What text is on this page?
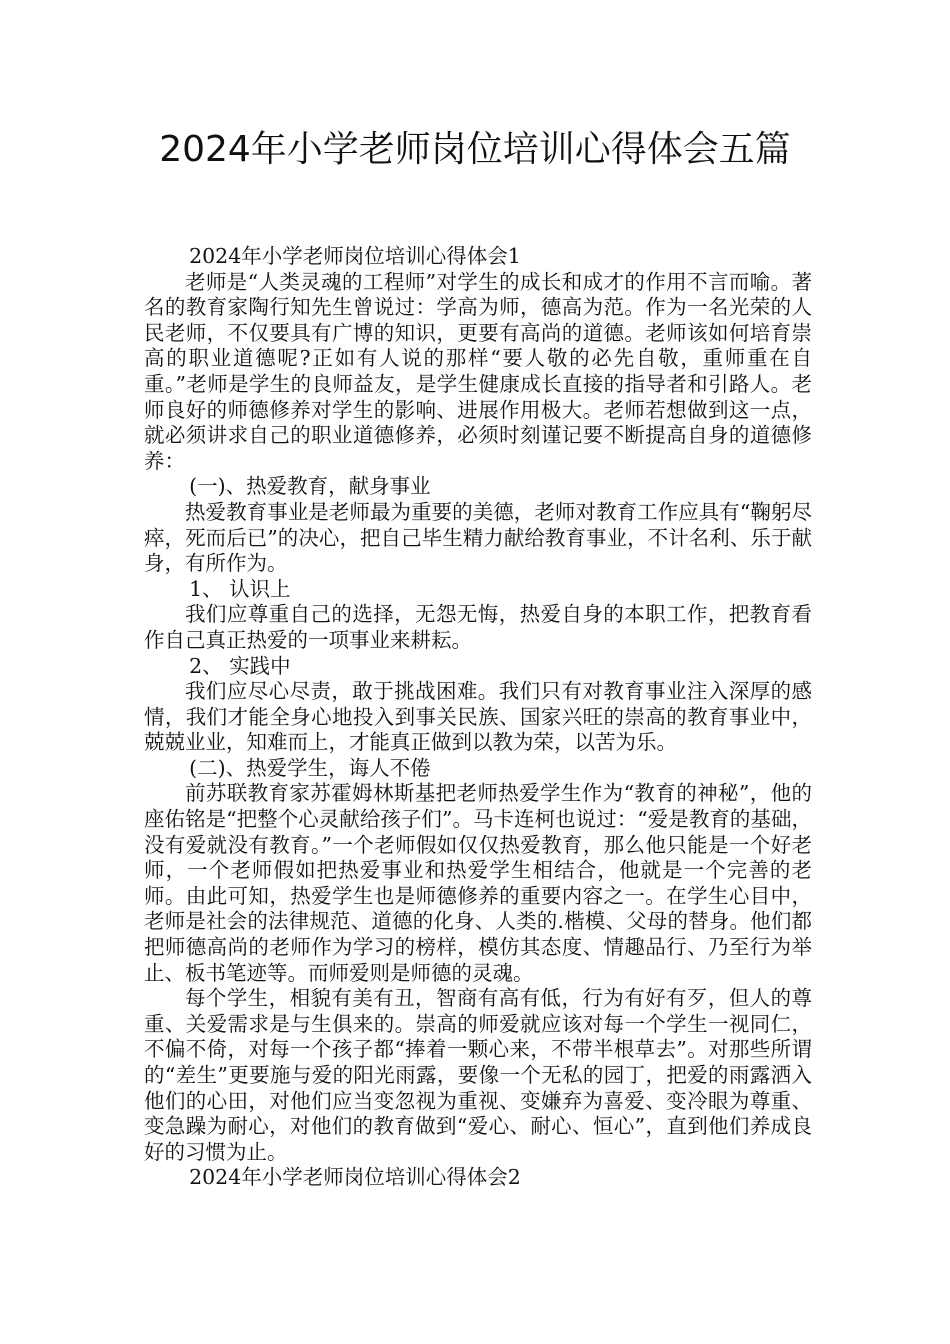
2024年小学老师岗位培训心得体会五篇

2024年小学老师岗位培训心得体会1

老师是“人类灵魂的工程师”对学生的成长和成才的作用不言而喻。著名的教育家陶行知先生曾说过：学高为师，德高为范。作为一名光荣的人民老师，不仅要具有广博的知识，更要有高尚的道德。老师该如何培育崇高的职业道德呢?正如有人说的那样“要人敬的必先自敬，重师重在自重。”老师是学生的良师益友，是学生健康成长直接的指导者和引路人。老师良好的师德修养对学生的影响、进展作用极大。老师若想做到这一点，就必须讲求自己的职业道德修养，必须时刻谨记要不断提高自身的道德修养：

(一)、热爱教育，献身事业

热爱教育事业是老师最为重要的美德，老师对教育工作应具有“鞠躬尽瘁，死而后已”的决心，把自己毕生精力献给教育事业，不计名利、乐于献身，有所作为。

1、 认识上

我们应尊重自己的选择，无怨无悔，热爱自身的本职工作，把教育看作自己真正热爱的一项事业来耕耘。

2、 实践中

我们应尽心尽责，敢于挑战困难。我们只有对教育事业注入深厚的感情，我们才能全身心地投入到事关民族、国家兴旺的崇高的教育事业中，兢兢业业，知难而上，才能真正做到以教为荣，以苦为乐。

(二)、热爱学生，诲人不倦

前苏联教育家苏霍姆林斯基把老师热爱学生作为“教育的神秘”，他的座佑铭是“把整个心灵献给孩子们”。马卡连柯也说过：“爱是教育的基础，没有爱就没有教育。”一个老师假如仅仅热爱教育，那么他只能是一个好老师，一个老师假如把热爱事业和热爱学生相结合，他就是一个完善的老师。由此可知，热爱学生也是师德修养的重要内容之一。在学生心目中，老师是社会的法律规范、道德的化身、人类的.楷模、父母的替身。他们都把师德高尚的老师作为学习的榜样，模仿其态度、情趣品行、乃至行为举止、板书笔迹等。而师爱则是师德的灵魂。

每个学生，相貌有美有丑，智商有高有低，行为有好有歹，但人的尊重、关爱需求是与生俱来的。崇高的师爱就应该对每一个学生一视同仁，不偏不倚，对每一个孩子都“捧着一颗心来，不带半根草去”。对那些所谓的“差生”更要施与爱的阳光雨露，要像一个无私的园丁，把爱的雨露洒入他们的心田，对他们应当变忽视为重视、变嫌弃为喜爱、变冷眼为尊重、变急躁为耐心，对他们的教育做到“爱心、耐心、恒心”，直到他们养成良好的习惯为止。

2024年小学老师岗位培训心得体会2
